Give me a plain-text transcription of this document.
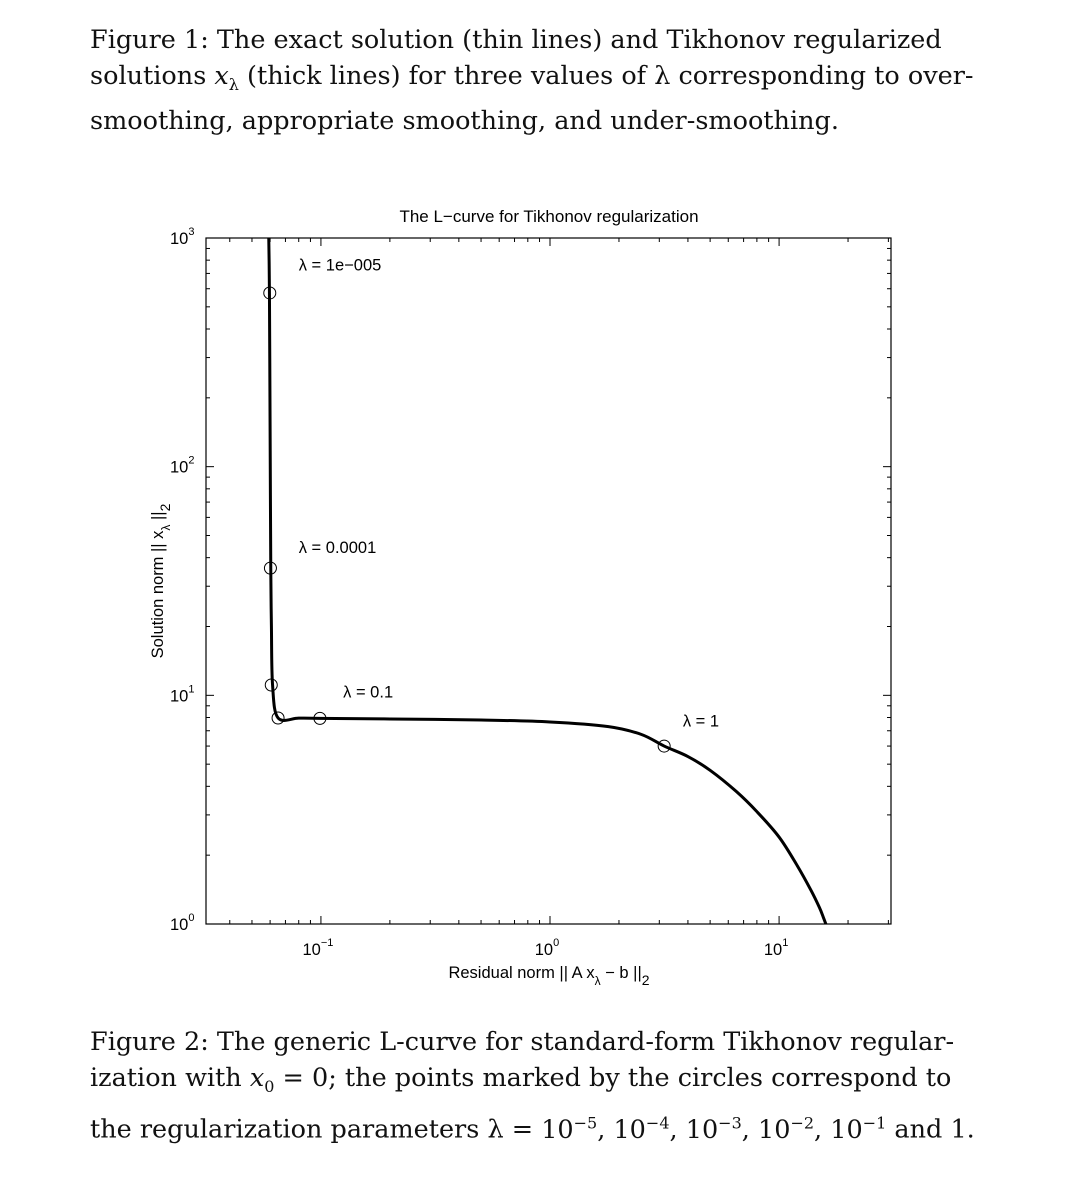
Figure 1: The exact solution (thin lines) and Tikhonov regularized
solutions $x_\lambda$ (thick lines) for three values of λ corresponding to over-
smoothing, appropriate smoothing, and under-smoothing.
$10^{-1}$	$10^0$	$10^1$
$10^0$
$10^1$
$10^2$
$10^3$
λ = 1e−005
λ = 0.0001
λ = 0.1
λ = 1
The L−curve for Tikhonov regularization
Residual norm || A $x_\lambda - b$ $||_2$
Solution norm || $x_\lambda$ $||_2$
Figure 2: The generic L-curve for standard-form Tikhonov regular-
ization with $x_0 = 0$; the points marked by the circles correspond to
the regularization parameters $\lambda = 10^{-5}$, $10^{-4}$, $10^{-3}$, $10^{-2}$, $10^{-1}$ and 1.
